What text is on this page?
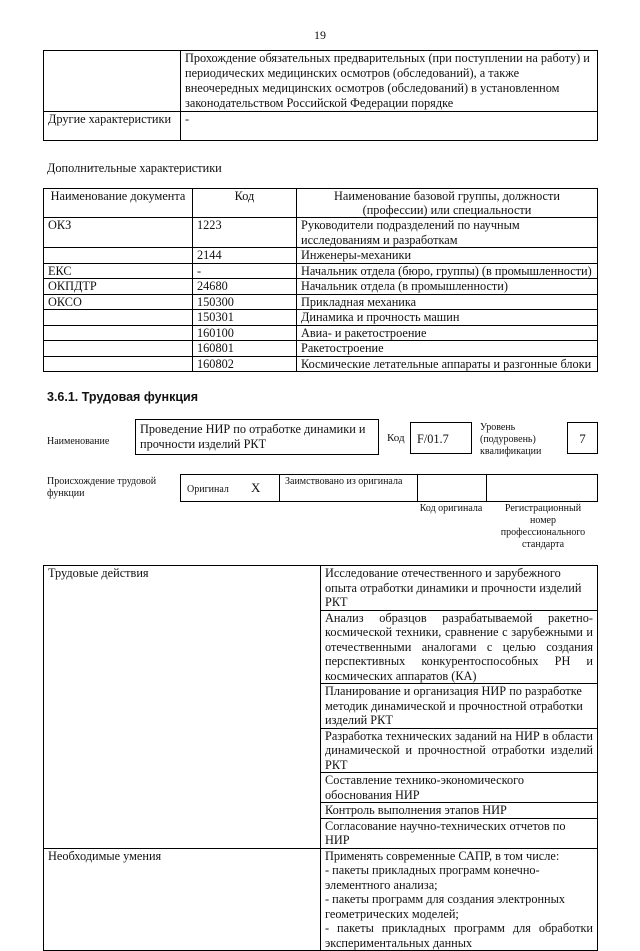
19
	Прохождение обязательных предварительных (при поступлении на работу) и периодических медицинских осмотров (обследований), а также внеочередных медицинских осмотров (обследований) в установленном законодательством Российской Федерации порядке
Другие характеристики	-
Дополнительные характеристики
Наименование документа	Код	Наименование базовой группы, должности (профессии) или специальности
ОКЗ	1223	Руководители подразделений по научным исследованиям и разработкам
	2144	Инженеры-механики
ЕКС	-	Начальник отдела (бюро, группы) (в промышленности)
ОКПДТР	24680	Начальник отдела (в промышленности)
ОКСО	150300	Прикладная механика
	150301	Динамика и прочность машин
	160100	Авиа- и ракетостроение
	160801	Ракетостроение
	160802	Космические летательные аппараты и разгонные блоки
3.6.1. Трудовая функция
Наименование
Проведение НИР по отработке динамики и прочности изделий РКТ	Код	F/01.7
Уровень (подуровень) квалификации
7
Происхождение трудовой функции	Оригинал X	Заимствовано из оригинала
Код оригинала	Регистрационный номер профессионального стандарта
Трудовые действия	Исследование отечественного и зарубежного опыта отработки динамики и прочности изделий РКТ
	Анализ образцов разрабатываемой ракетно-космической техники, сравнение с зарубежными и отечественными аналогами с целью создания перспективных конкурентоспособных РН и космических аппаратов (КА)
	Планирование и организация НИР по разработке методик динамической и прочностной отработки изделий РКТ
	Разработка технических заданий на НИР в области динамической и прочностной отработки изделий РКТ
	Составление технико-экономического обоснования НИР
	Контроль выполнения этапов НИР
	Согласование научно-технических отчетов по НИР
Необходимые умения	Применять современные САПР, в том числе:
- пакеты прикладных программ конечно-элементного анализа;
- пакеты программ для создания электронных геометрических моделей;
- пакеты прикладных программ для обработки экспериментальных данных
